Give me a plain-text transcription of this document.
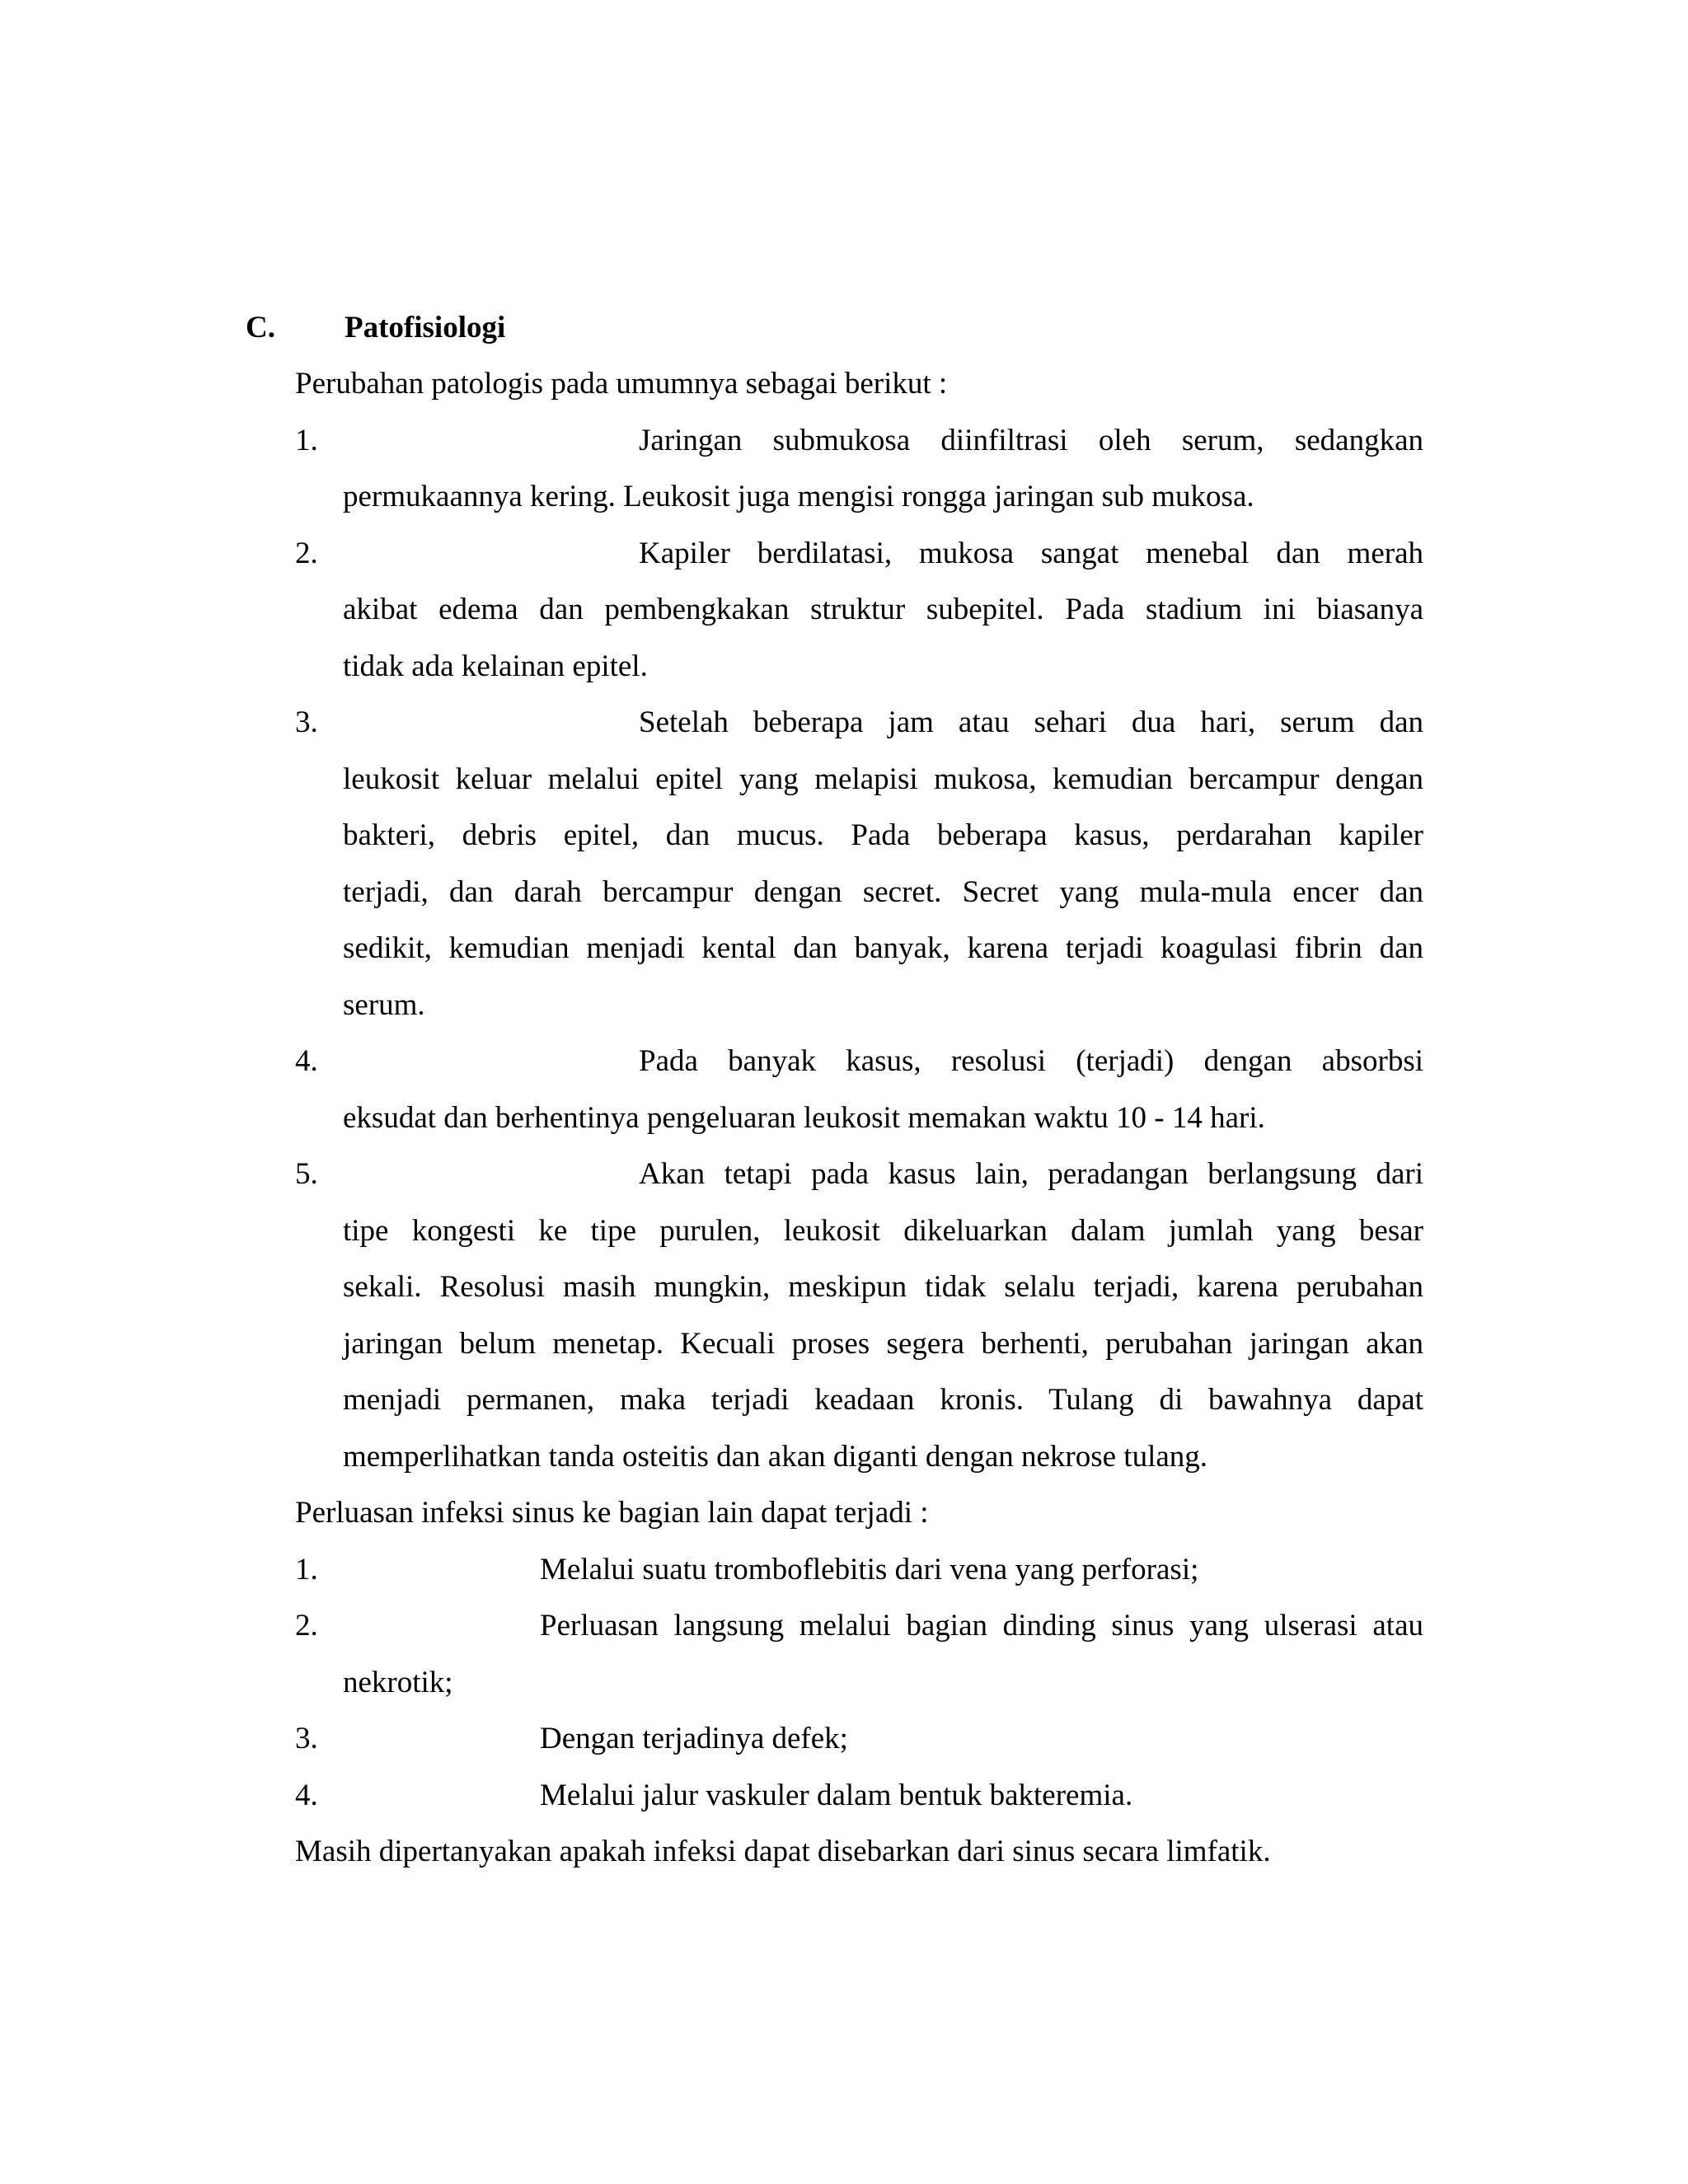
C. Patofisiologi
Perubahan patologis pada umumnya sebagai berikut :
1.	Jaringan submukosa diinfiltrasi oleh serum, sedangkan
permukaannya kering. Leukosit juga mengisi rongga jaringan sub mukosa.
2.	Kapiler berdilatasi, mukosa sangat menebal dan merah
akibat edema dan pembengkakan struktur subepitel. Pada stadium ini biasanya
tidak ada kelainan epitel.
3.	Setelah beberapa jam atau sehari dua hari, serum dan
leukosit keluar melalui epitel yang melapisi mukosa, kemudian bercampur dengan
bakteri, debris epitel, dan mucus. Pada beberapa kasus, perdarahan kapiler
terjadi, dan darah bercampur dengan secret. Secret yang mula-mula encer dan
sedikit, kemudian menjadi kental dan banyak, karena terjadi koagulasi fibrin dan
serum.
4.	Pada banyak kasus, resolusi (terjadi) dengan absorbsi
eksudat dan berhentinya pengeluaran leukosit memakan waktu 10 - 14 hari.
5.	Akan tetapi pada kasus lain, peradangan berlangsung dari
tipe kongesti ke tipe purulen, leukosit dikeluarkan dalam jumlah yang besar
sekali. Resolusi masih mungkin, meskipun tidak selalu terjadi, karena perubahan
jaringan belum menetap. Kecuali proses segera berhenti, perubahan jaringan akan
menjadi permanen, maka terjadi keadaan kronis. Tulang di bawahnya dapat
memperlihatkan tanda osteitis dan akan diganti dengan nekrose tulang.
Perluasan infeksi sinus ke bagian lain dapat terjadi :
1.	Melalui suatu tromboflebitis dari vena yang perforasi;
2.	Perluasan langsung melalui bagian dinding sinus yang ulserasi atau
nekrotik;
3.	Dengan terjadinya defek;
4.	Melalui jalur vaskuler dalam bentuk bakteremia.
Masih dipertanyakan apakah infeksi dapat disebarkan dari sinus secara limfatik.
